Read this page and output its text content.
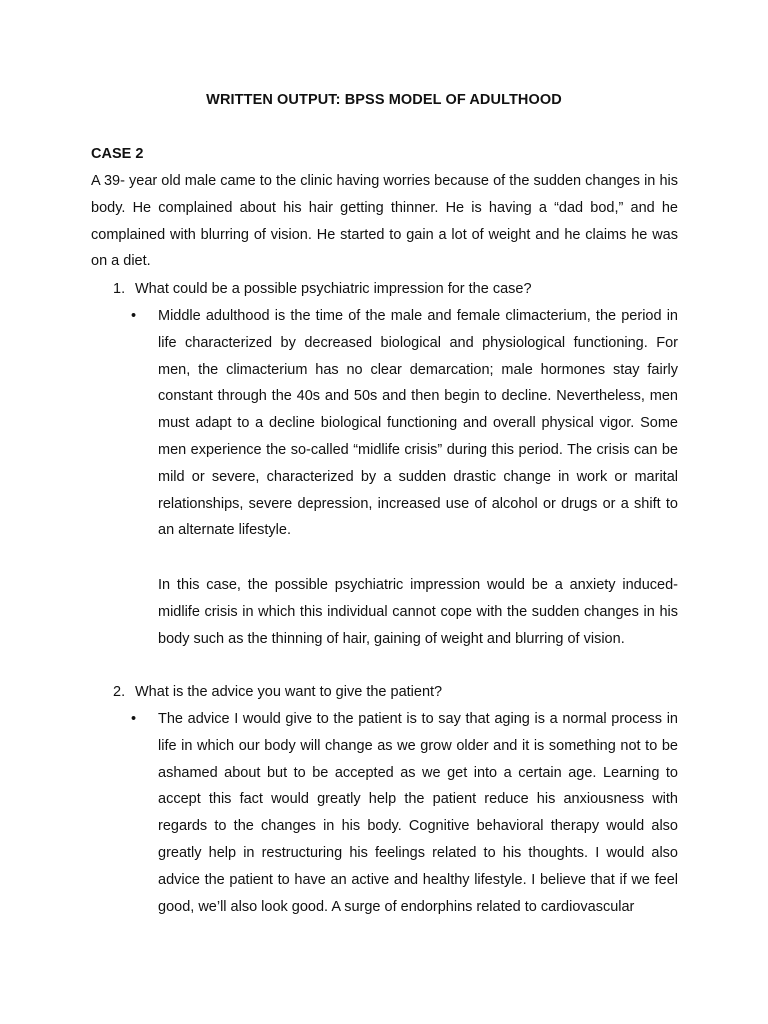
WRITTEN OUTPUT: BPSS MODEL OF ADULTHOOD
CASE 2
A 39- year old male came to the clinic having worries because of the sudden changes in his body. He complained about his hair getting thinner. He is having a “dad bod,” and he complained with blurring of vision. He started to gain a lot of weight and he claims he was on a diet.
1. What could be a possible psychiatric impression for the case?
• Middle adulthood is the time of the male and female climacterium, the period in life characterized by decreased biological and physiological functioning. For men, the climacterium has no clear demarcation; male hormones stay fairly constant through the 40s and 50s and then begin to decline. Nevertheless, men must adapt to a decline biological functioning and overall physical vigor. Some men experience the so-called “midlife crisis” during this period. The crisis can be mild or severe, characterized by a sudden drastic change in work or marital relationships, severe depression, increased use of alcohol or drugs or a shift to an alternate lifestyle.
In this case, the possible psychiatric impression would be a anxiety induced-midlife crisis in which this individual cannot cope with the sudden changes in his body such as the thinning of hair, gaining of weight and blurring of vision.
2. What is the advice you want to give the patient?
• The advice I would give to the patient is to say that aging is a normal process in life in which our body will change as we grow older and it is something not to be ashamed about but to be accepted as we get into a certain age. Learning to accept this fact would greatly help the patient reduce his anxiousness with regards to the changes in his body. Cognitive behavioral therapy would also greatly help in restructuring his feelings related to his thoughts. I would also advice the patient to have an active and healthy lifestyle. I believe that if we feel good, we’ll also look good. A surge of endorphins related to cardiovascular
